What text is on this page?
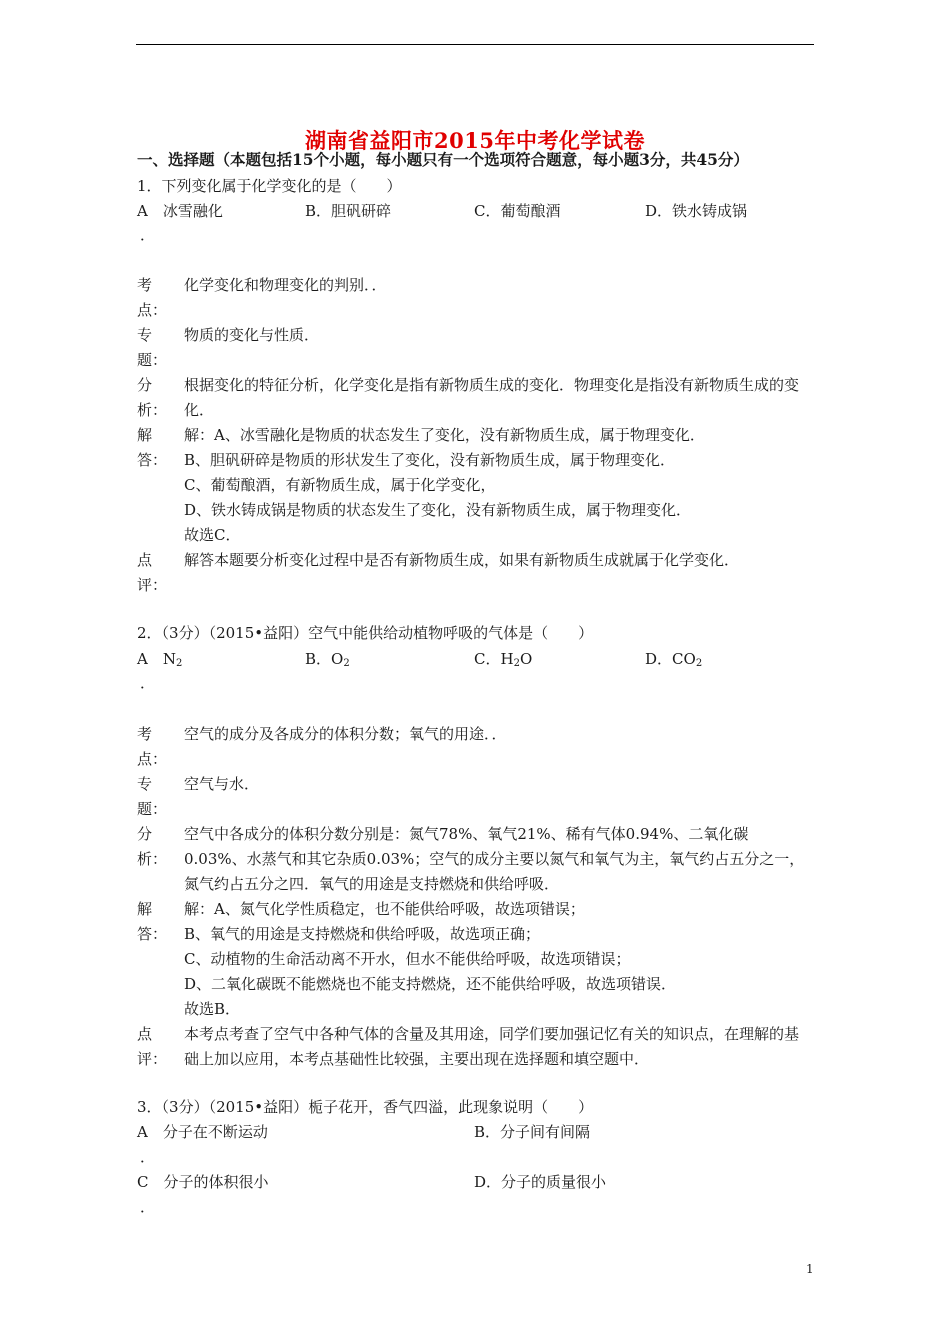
湖南省益阳市2015年中考化学试卷
一、选择题（本题包括15个小题，每小题只有一个选项符合题意，每小题3分，共45分）
1．下列变化属于化学变化的是（　　）
A　冰雪融化	B．胆矾研碎	C．葡萄酿酒	D．铁水铸成锅
．
考
点：
化学变化和物理变化的判别．．
专
题：
物质的变化与性质．
分
析：
根据变化的特征分析，化学变化是指有新物质生成的变化．物理变化是指没有新物质生成的变化．
解
答：
解：A、冰雪融化是物质的状态发生了变化，没有新物质生成，属于物理变化．
B、胆矾研碎是物质的形状发生了变化，没有新物质生成，属于物理变化．
C、葡萄酿酒，有新物质生成，属于化学变化，
D、铁水铸成锅是物质的状态发生了变化，没有新物质生成，属于物理变化．
故选C．
点
评：
解答本题要分析变化过程中是否有新物质生成，如果有新物质生成就属于化学变化．
2．（3分）（2015•益阳）空气中能供给动植物呼吸的气体是（　　）
A　$N_2$	B．$O_2$	C．$H_2O$	D．$CO_2$
．
考
点：
空气的成分及各成分的体积分数；氧气的用途．．
专
题：
空气与水．
分
析：
空气中各成分的体积分数分别是：氮气78%、氧气21%、稀有气体0.94%、二氧化碳0.03%、水蒸气和其它杂质0.03%；空气的成分主要以氮气和氧气为主，氧气约占五分之一，氮气约占五分之四．氧气的用途是支持燃烧和供给呼吸．
解
答：
解：A、氮气化学性质稳定，也不能供给呼吸，故选项错误；
B、氧气的用途是支持燃烧和供给呼吸，故选项正确；
C、动植物的生命活动离不开水，但水不能供给呼吸，故选项错误；
D、二氧化碳既不能燃烧也不能支持燃烧，还不能供给呼吸，故选项错误．
故选B．
点
评：
本考点考查了空气中各种气体的含量及其用途，同学们要加强记忆有关的知识点，在理解的基础上加以应用，本考点基础性比较强，主要出现在选择题和填空题中．
3．（3分）（2015•益阳）栀子花开，香气四溢，此现象说明（　　）
A　分子在不断运动	B．分子间有间隔
．
C　分子的体积很小	D．分子的质量很小
．
1
